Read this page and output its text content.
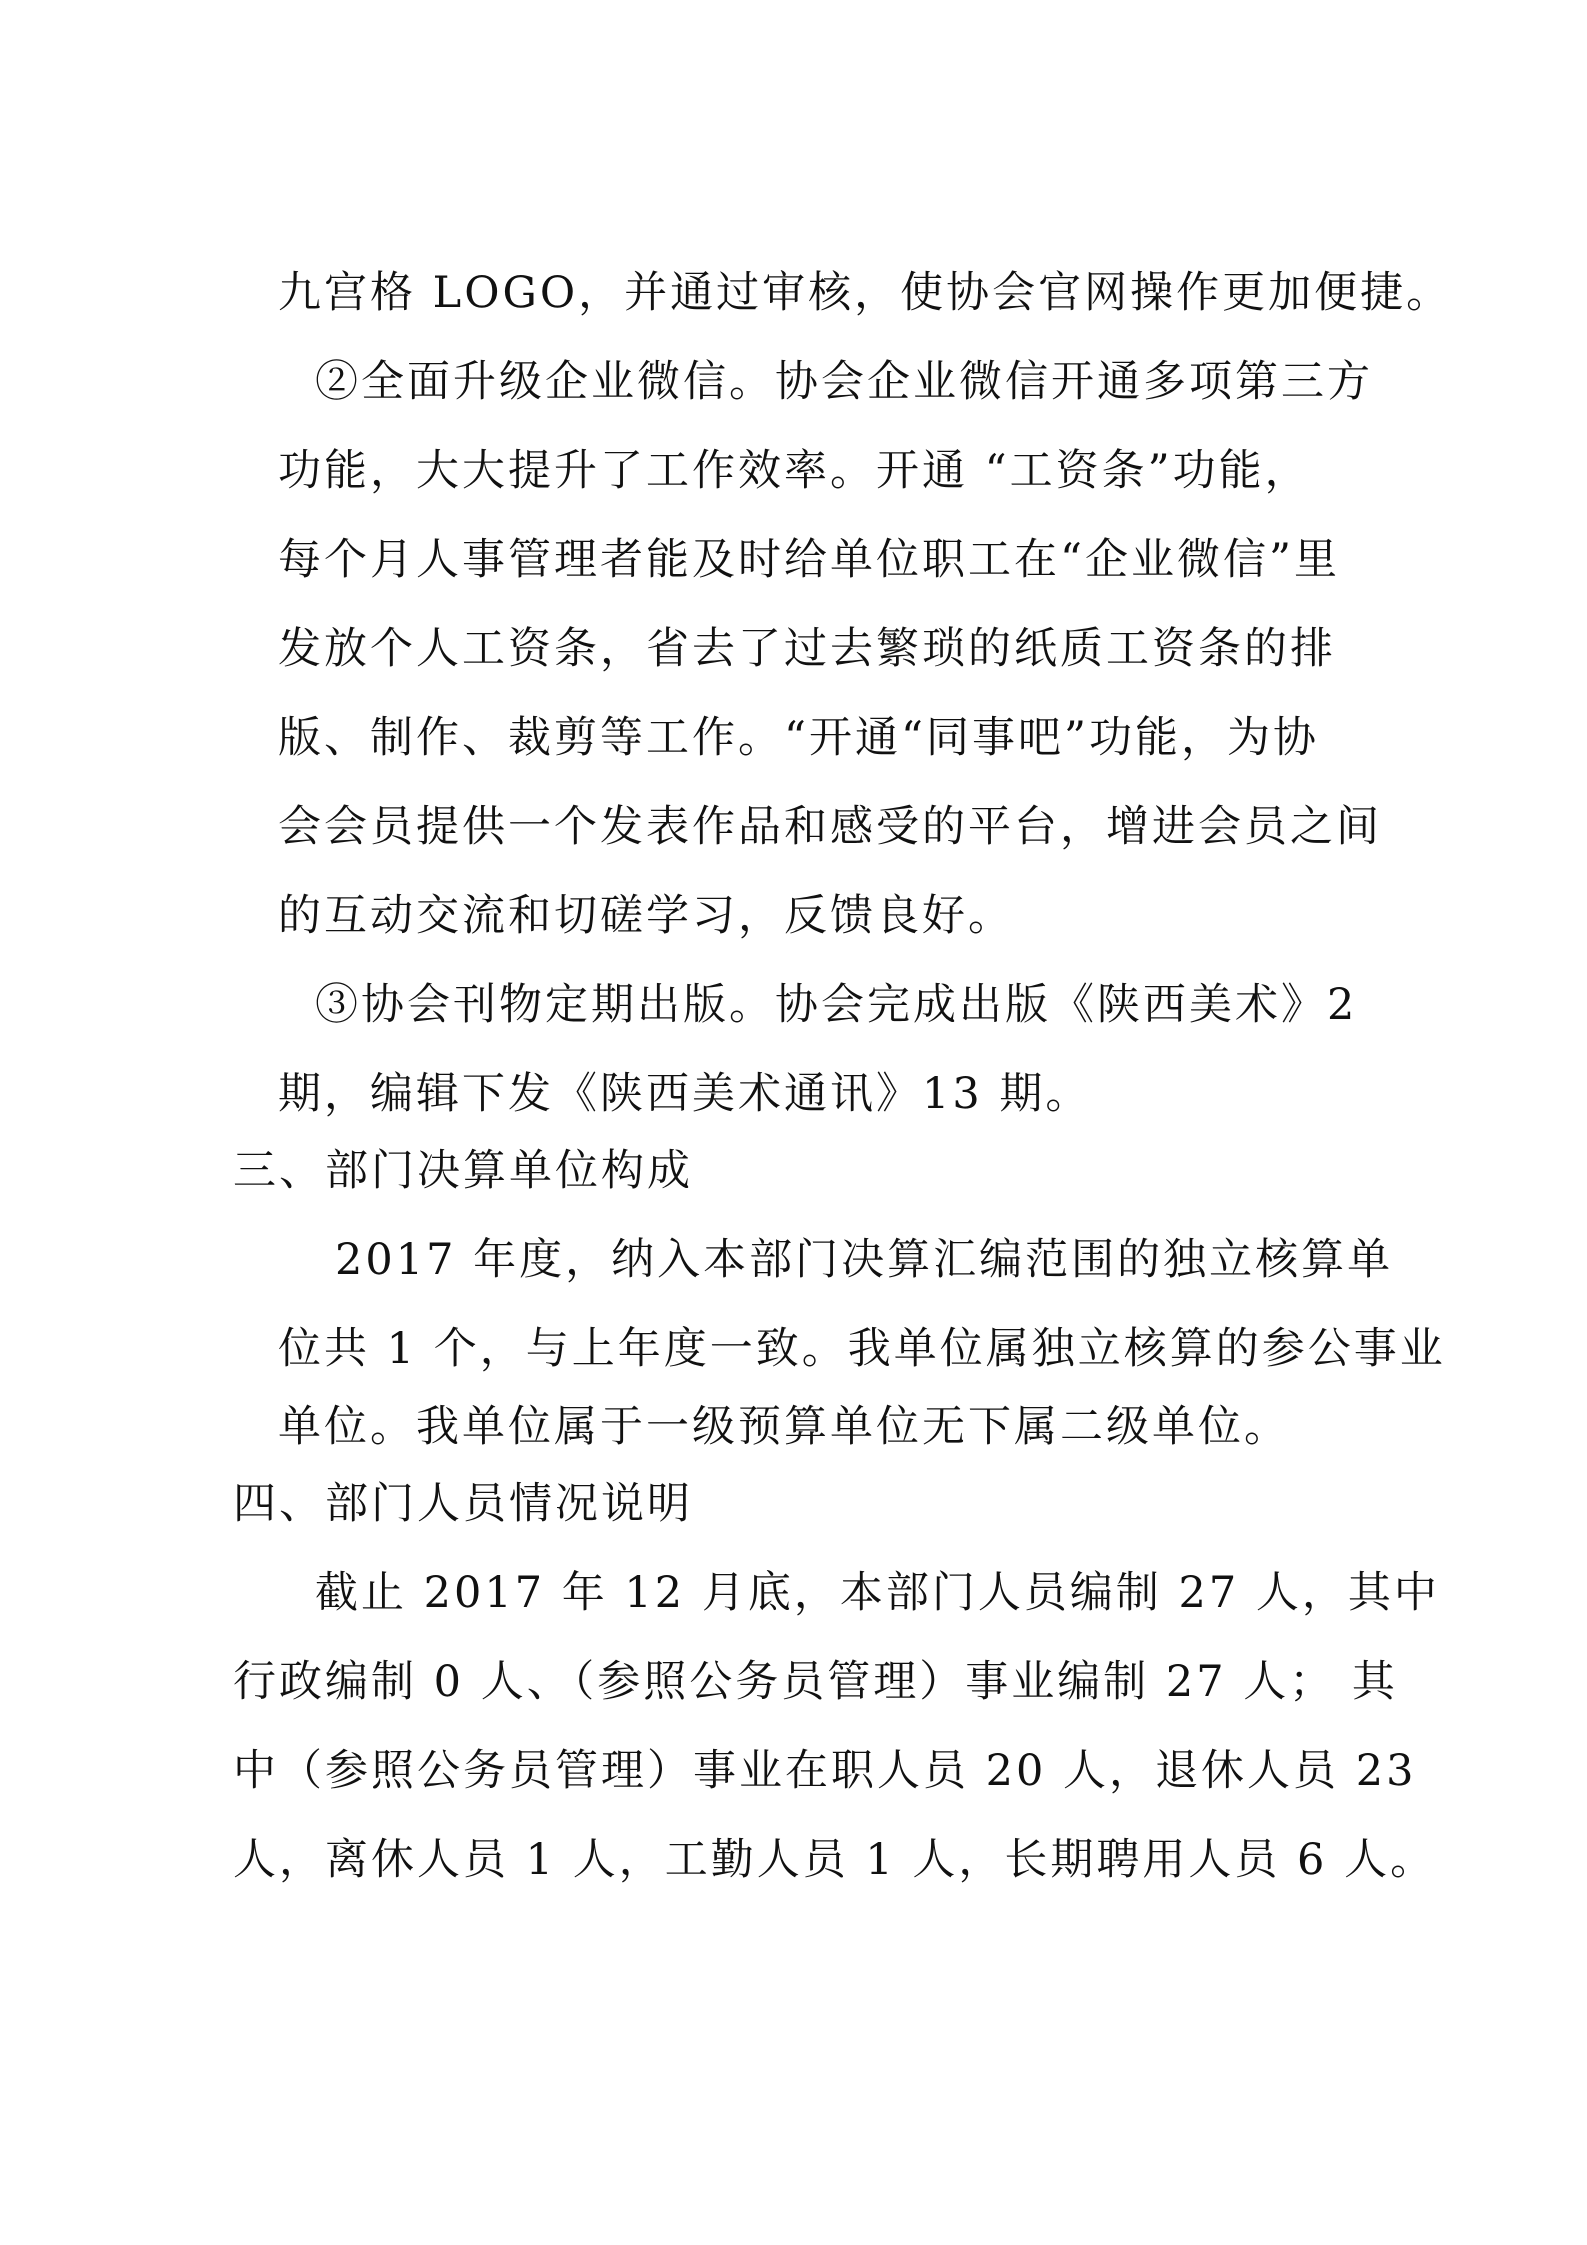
九宫格 LOGO，并通过审核，使协会官网操作更加便捷。
②全面升级企业微信。协会企业微信开通多项第三方
功能，大大提升了工作效率。开通 “工资条”功能，
每个月人事管理者能及时给单位职工在“企业微信”里
发放个人工资条，省去了过去繁琐的纸质工资条的排
版、制作、裁剪等工作。“开通“同事吧”功能，为协
会会员提供一个发表作品和感受的平台，增进会员之间
的互动交流和切磋学习，反馈良好。
③协会刊物定期出版。协会完成出版《陕西美术》2
期，编辑下发《陕西美术通讯》13 期。
三、部门决算单位构成
2017 年度，纳入本部门决算汇编范围的独立核算单
位共 1 个，与上年度一致。我单位属独立核算的参公事业
单位。我单位属于一级预算单位无下属二级单位。
四、部门人员情况说明
截止 2017 年 12 月底，本部门人员编制 27 人，其中
行政编制 0 人、（参照公务员管理）事业编制 27 人； 其
中（参照公务员管理）事业在职人员 20 人，退休人员 23
人，离休人员 1 人，工勤人员 1 人，长期聘用人员 6 人。
